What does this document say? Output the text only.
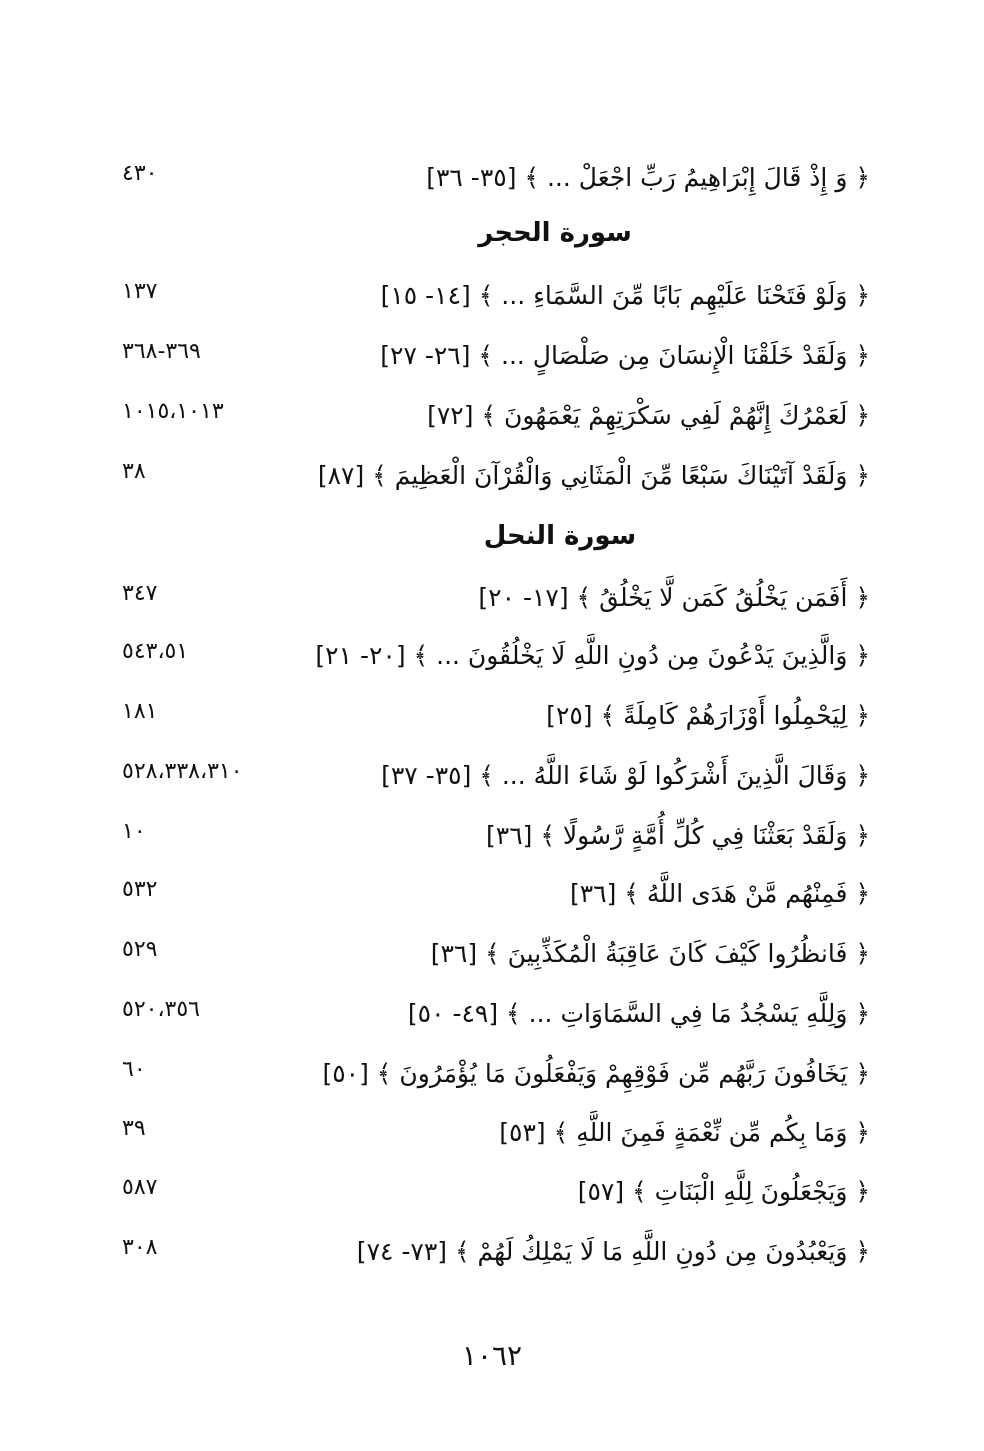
﴿ وَ إِذْ قَالَ إِبْرَاهِيمُ رَبِّ اجْعَلْ ... ﴾ [٣٥- ٣٦]
٤٣٠
سورة الحجر
﴿ وَلَوْ فَتَحْنَا عَلَيْهِم بَابًا مِّنَ السَّمَاءِ ... ﴾ [١٤- ١٥]
١٣٧
﴿ وَلَقَدْ خَلَقْنَا الْإِنسَانَ مِن صَلْصَالٍ ... ﴾ [٢٦- ٢٧]
٣٦٩-٣٦٨
﴿ لَعَمْرُكَ إِنَّهُمْ لَفِي سَكْرَتِهِمْ يَعْمَهُونَ ﴾ [٧٢]
١٠١٥،١٠١٣
﴿ وَلَقَدْ آتَيْنَاكَ سَبْعًا مِّنَ الْمَثَانِي وَالْقُرْآنَ الْعَظِيمَ ﴾ [٨٧]
٣٨
سورة النحل
﴿ أَفَمَن يَخْلُقُ كَمَن لَّا يَخْلُقُ ﴾ [١٧- ٢٠]
٣٤٧
﴿ وَالَّذِينَ يَدْعُونَ مِن دُونِ اللَّهِ لَا يَخْلُقُونَ ... ﴾ [٢٠- ٢١]
٥٤٣،٥١
﴿ لِيَحْمِلُوا أَوْزَارَهُمْ كَامِلَةً ﴾ [٢٥]
١٨١
﴿ وَقَالَ الَّذِينَ أَشْرَكُوا لَوْ شَاءَ اللَّهُ ... ﴾ [٣٥- ٣٧]
٥٢٨،٣٣٨،٣١٠
﴿ وَلَقَدْ بَعَثْنَا فِي كُلِّ أُمَّةٍ رَّسُولًا ﴾ [٣٦]
١٠
﴿ فَمِنْهُم مَّنْ هَدَى اللَّهُ ﴾ [٣٦]
٥٣٢
﴿ فَانظُرُوا كَيْفَ كَانَ عَاقِبَةُ الْمُكَذِّبِينَ ﴾ [٣٦]
٥٢٩
﴿ وَلِلَّهِ يَسْجُدُ مَا فِي السَّمَاوَاتِ ... ﴾ [٤٩- ٥٠]
٥٢٠،٣٥٦
﴿ يَخَافُونَ رَبَّهُم مِّن فَوْقِهِمْ وَيَفْعَلُونَ مَا يُؤْمَرُونَ ﴾ [٥٠]
٦٠
﴿ وَمَا بِكُم مِّن نِّعْمَةٍ فَمِنَ اللَّهِ ﴾ [٥٣]
٣٩
﴿ وَيَجْعَلُونَ لِلَّهِ الْبَنَاتِ ﴾ [٥٧]
٥٨٧
﴿ وَيَعْبُدُونَ مِن دُونِ اللَّهِ مَا لَا يَمْلِكُ لَهُمْ ﴾ [٧٣- ٧٤]
٣٠٨
١٠٦٢
